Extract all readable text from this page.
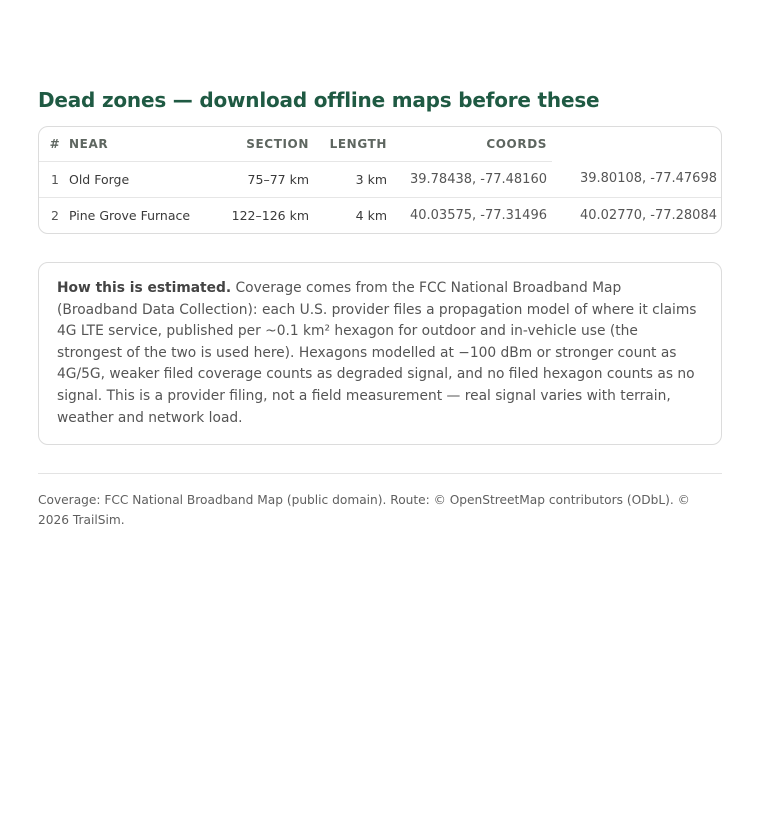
Dead zones — download offline maps before these
#	NEAR	SECTION	LENGTH	COORDS	
1	Old Forge	75–77 km	3 km	39.78438, -77.48160	39.80108, -77.47698
2	Pine Grove Furnace	122–126 km	4 km	40.03575, -77.31496	40.02770, -77.28084

How this is estimated. Coverage comes from the FCC National Broadband Map (Broadband Data Collection): each U.S. provider files a propagation model of where it claims 4G LTE service, published per ~0.1 km² hexagon for outdoor and in-vehicle use (the strongest of the two is used here). Hexagons modelled at −100 dBm or stronger count as 4G/5G, weaker filed coverage counts as degraded signal, and no filed hexagon counts as no signal. This is a provider filing, not a field measurement — real signal varies with terrain, weather and network load.

Coverage: FCC National Broadband Map (public domain). Route: © OpenStreetMap contributors (ODbL). © 2026 TrailSim.
